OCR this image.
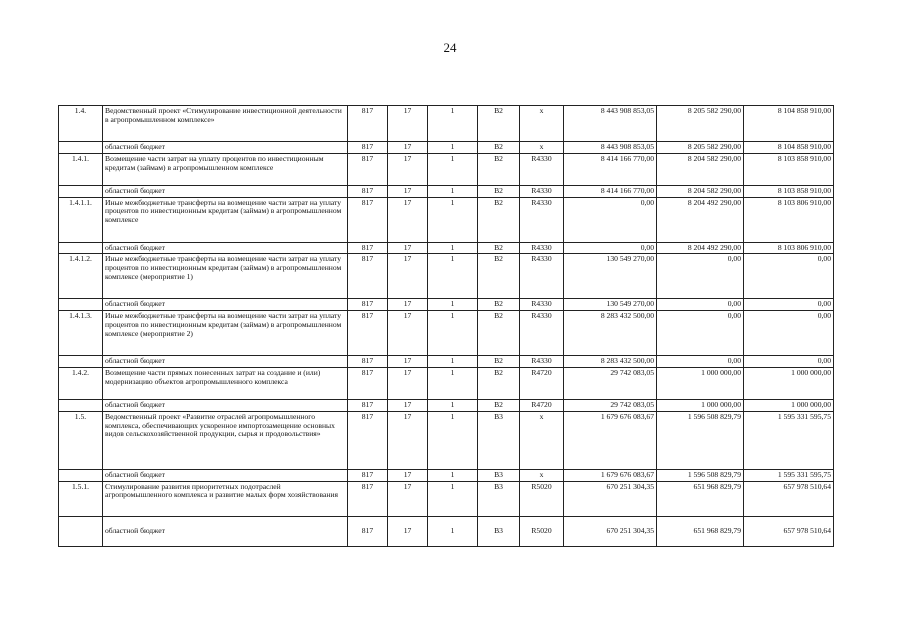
24
1.4.	Ведомственный проект «Стимулирование инвестиционной деятельности в агропромышленном комплексе»	817	17	1	В2	x	8 443 908 853,05	8 205 582 290,00	8 104 858 910,00
	областной бюджет	817	17	1	В2	x	8 443 908 853,05	8 205 582 290,00	8 104 858 910,00
1.4.1.	Возмещение части затрат на уплату процентов по инвестиционным кредитам (займам) в агропромышленном комплексе	817	17	1	В2	R4330	8 414 166 770,00	8 204 582 290,00	8 103 858 910,00
	областной бюджет	817	17	1	В2	R4330	8 414 166 770,00	8 204 582 290,00	8 103 858 910,00
1.4.1.1.	Иные межбюджетные трансферты на возмещение части затрат на уплату процентов по инвестиционным кредитам (займам) в агропромышленном комплексе	817	17	1	В2	R4330	0,00	8 204 492 290,00	8 103 806 910,00
	областной бюджет	817	17	1	В2	R4330	0,00	8 204 492 290,00	8 103 806 910,00
1.4.1.2.	Иные межбюджетные трансферты на возмещение части затрат на уплату процентов по инвестиционным кредитам (займам) в агропромышленном комплексе (мероприятие 1)	817	17	1	В2	R4330	130 549 270,00	0,00	0,00
	областной бюджет	817	17	1	В2	R4330	130 549 270,00	0,00	0,00
1.4.1.3.	Иные межбюджетные трансферты на возмещение части затрат на уплату процентов по инвестиционным кредитам (займам) в агропромышленном комплексе (мероприятие 2)	817	17	1	В2	R4330	8 283 432 500,00	0,00	0,00
	областной бюджет	817	17	1	В2	R4330	8 283 432 500,00	0,00	0,00
1.4.2.	Возмещение части прямых понесенных затрат на создание и (или) модернизацию объектов агропромышленного комплекса	817	17	1	В2	R4720	29 742 083,05	1 000 000,00	1 000 000,00
	областной бюджет	817	17	1	В2	R4720	29 742 083,05	1 000 000,00	1 000 000,00
1.5.	Ведомственный проект «Развитие отраслей агропромышленного комплекса, обеспечивающих ускоренное импортозамещение основных видов сельскохозяйственной продукции, сырья и продовольствия»	817	17	1	В3	x	1 679 676 083,67	1 596 508 829,79	1 595 331 595,75
	областной бюджет	817	17	1	В3	x	1 679 676 083,67	1 596 508 829,79	1 595 331 595,75
1.5.1.	Стимулирование развития приоритетных подотраслей агропромышленного комплекса и развитие малых форм хозяйствования	817	17	1	В3	R5020	670 251 304,35	651 968 829,79	657 978 510,64
	областной бюджет	817	17	1	В3	R5020	670 251 304,35	651 968 829,79	657 978 510,64
